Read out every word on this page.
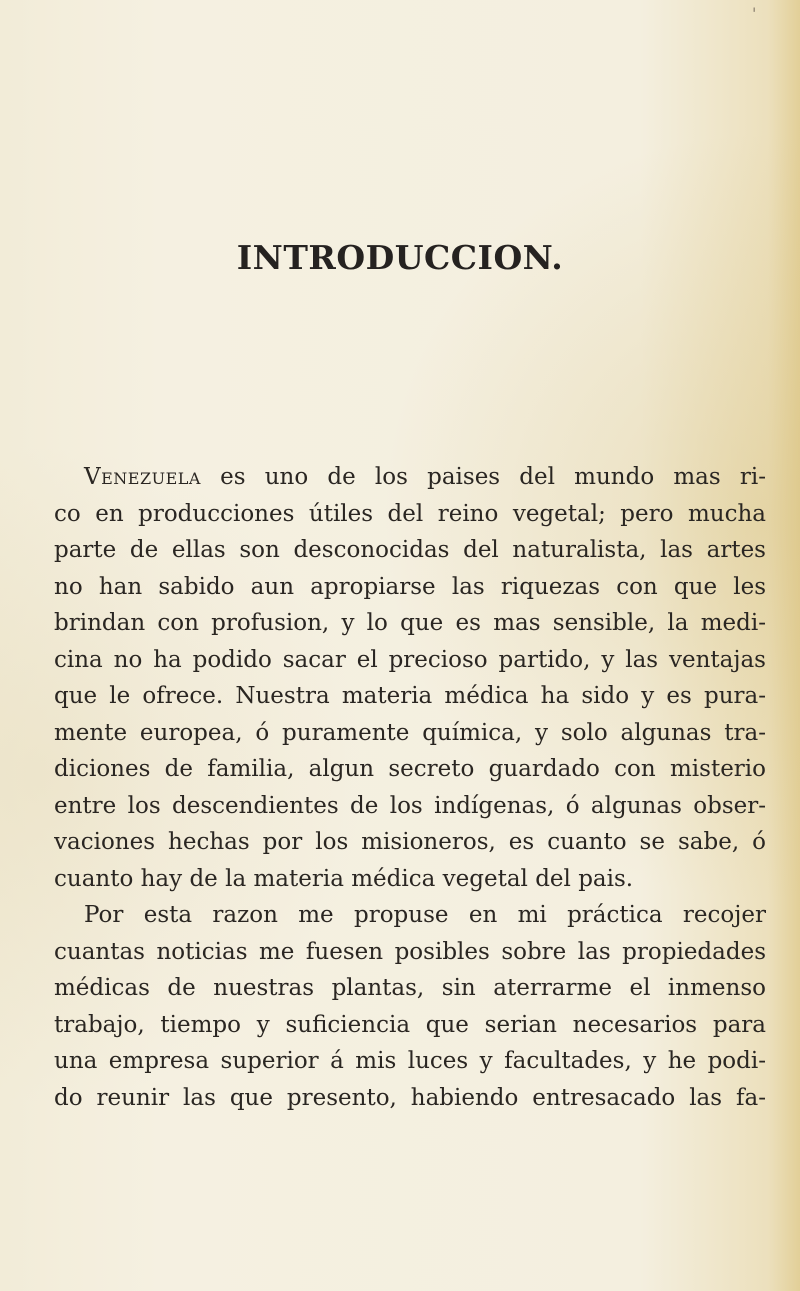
'
INTRODUCCION.
Venezuela es uno de los paises del mundo mas ri-
co en producciones útiles del reino vegetal; pero mucha
parte de ellas son desconocidas del naturalista, las artes
no han sabido aun apropiarse las riquezas con que les
brindan con profusion, y lo que es mas sensible, la medi-
cina no ha podido sacar el precioso partido, y las ventajas
que le ofrece. Nuestra materia médica ha sido y es pura-
mente europea, ó puramente química, y solo algunas tra-
diciones de familia, algun secreto guardado con misterio
entre los descendientes de los indígenas, ó algunas obser-
vaciones hechas por los misioneros, es cuanto se sabe, ó
cuanto hay de la materia médica vegetal del pais.
Por esta razon me propuse en mi práctica recojer
cuantas noticias me fuesen posibles sobre las propiedades
médicas de nuestras plantas, sin aterrarme el inmenso
trabajo, tiempo y suficiencia que serian necesarios para
una empresa superior á mis luces y facultades, y he podi-
do reunir las que presento, habiendo entresacado las fa-
